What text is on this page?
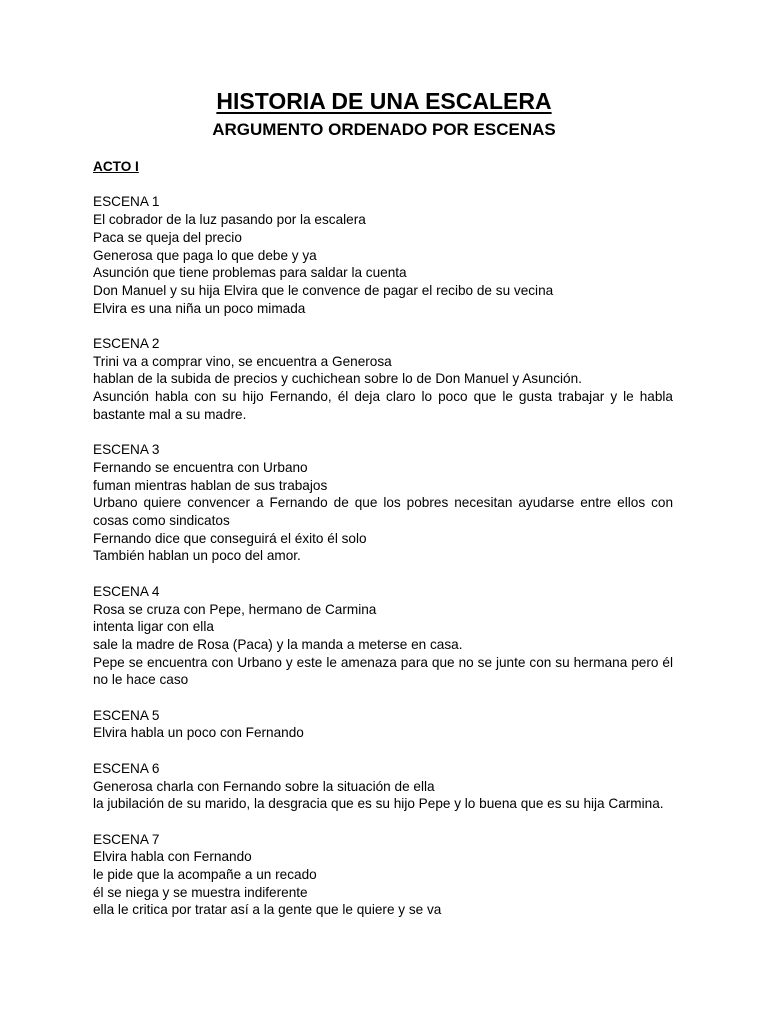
HISTORIA DE UNA ESCALERA
ARGUMENTO ORDENADO POR ESCENAS
ACTO I
ESCENA 1
El cobrador de la luz pasando por la escalera
Paca se queja del precio
Generosa que paga lo que debe y ya
Asunción que tiene problemas para saldar la cuenta
Don Manuel y su hija Elvira que le convence de pagar el recibo de su vecina
Elvira es una niña un poco mimada
ESCENA 2
Trini va a comprar vino, se encuentra a Generosa
hablan de la subida de precios y cuchichean sobre lo de Don Manuel y Asunción.
Asunción habla con su hijo Fernando, él deja claro lo poco que le gusta trabajar y le habla bastante mal a su madre.
ESCENA 3
Fernando se encuentra con Urbano
fuman mientras hablan de sus trabajos
Urbano quiere convencer a Fernando de que los pobres necesitan ayudarse entre ellos con cosas como sindicatos
Fernando dice que conseguirá el éxito él solo
También hablan un poco del amor.
ESCENA 4
Rosa se cruza con Pepe, hermano de Carmina
intenta ligar con ella
sale la madre de Rosa (Paca) y la manda a meterse en casa.
Pepe se encuentra con Urbano y este le amenaza para que no se junte con su hermana pero él no le hace caso
ESCENA 5
Elvira habla un poco con Fernando
ESCENA 6
Generosa charla con Fernando sobre la situación de ella
la jubilación de su marido, la desgracia que es su hijo Pepe y lo buena que es su hija Carmina.
ESCENA 7
Elvira habla con Fernando
le pide que la acompañe a un recado
él se niega y se muestra indiferente
ella le critica por tratar así a la gente que le quiere y se va
